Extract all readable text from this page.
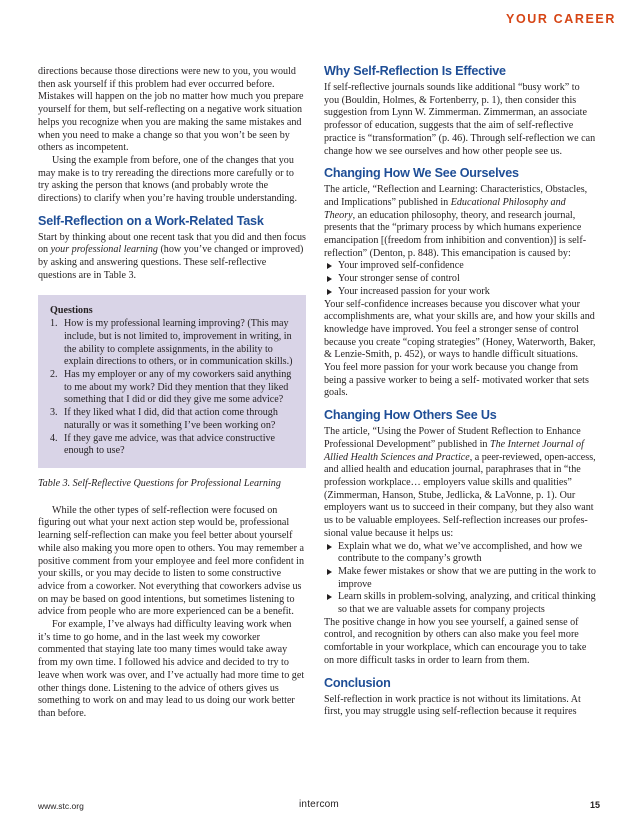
YOUR CAREER

directions because those directions were new to you, you would then ask yourself if this problem had ever occurred before. Mistakes will happen on the job no matter how much you prepare yourself for them, but self-reflecting on a negative work situation helps you recognize when you are making the same mistakes and when you need to make a change so that you won’t be seen by others as incompetent.

Using the example from before, one of the changes that you may make is to try rereading the directions more carefully or to try asking the person that knows (and probably wrote the directions) to clarify when you’re having trouble understanding.

Self-Reflection on a Work-Related Task

Start by thinking about one recent task that you did and then focus on your professional learning (how you’ve changed or improved) by asking and answering questions. These self-reflective questions are in Table 3.

Questions
1. How is my professional learning improving? (This may include, but is not limited to, improvement in writing, in the ability to complete assignments, in the ability to explain directions to others, or in communication skills.)
2. Has my employer or any of my coworkers said anything to me about my work? Did they mention that they liked something that I did or did they give me some advice?
3. If they liked what I did, did that action come through naturally or was it something I’ve been working on?
4. If they gave me advice, was that advice constructive enough to use?

Table 3. Self-Reflective Questions for Professional Learning

While the other types of self-reflection were focused on figuring out what your next action step would be, professional learning self-reflection can make you feel better about yourself while also making you more open to others. You may remember a positive comment from your employee and feel more confident in your skills, or you may decide to listen to some constructive advice from a coworker. Not everything that coworkers advise us on may be based on good intentions, but sometimes listening to advice from people who are more experienced can be a benefit.

For example, I’ve always had difficulty leaving work when it’s time to go home, and in the last week my coworker commented that staying late too many times would take away from my own time. I followed his advice and decided to try to leave when work was over, and I’ve actually had more time to get other things done. Listening to the advice of others gives us something to work on and may lead to us doing our work better than before.

Why Self-Reflection Is Effective

If self-reflective journals sounds like additional “busy work” to you (Bouldin, Holmes, & Fortenberry, p. 1), then consider this suggestion from Lynn W. Zimmerman. Zimmerman, an associate professor of education, suggests that the aim of self-reflective practice is “transformation” (p. 46). Through self-reflection we can change how we see ourselves and how other people see us.

Changing How We See Ourselves

The article, “Reflection and Learning: Characteristics, Obstacles, and Implications” published in Educational Philosophy and Theory, an education philosophy, theory, and research journal, presents that the “primary process by which humans experience emancipation [(freedom from inhibition and convention)] is self-reflection” (Denton, p. 848). This emancipation is caused by:

Your improved self-confidence
Your stronger sense of control
Your increased passion for your work

Your self-confidence increases because you discover what your accomplishments are, what your skills are, and how your skills and knowledge have improved. You feel a stronger sense of control because you create “coping strategies” (Honey, Waterworth, Baker, & Lenzie-Smith, p. 452), or ways to handle difficult situations. You feel more passion for your work because you change from being a passive worker to being a self- motivated worker that sets goals.

Changing How Others See Us

The article, “Using the Power of Student Reflection to Enhance Professional Development” published in The Internet Journal of Allied Health Sciences and Practice, a peer-reviewed, open-access, and allied health and education journal, paraphrases that in “the profession workplace… employers value skills and qualities” (Zimmerman, Hanson, Stube, Jedlicka, & LaVonne, p. 1). Our employers want us to succeed in their company, but they also want us to be valuable employees. Self-reflection increases our profes-sional value because it helps us:

Explain what we do, what we’ve accomplished, and how we contribute to the company’s growth
Make fewer mistakes or show that we are putting in the work to improve
Learn skills in problem-solving, analyzing, and critical thinking so that we are valuable assets for company projects

The positive change in how you see yourself, a gained sense of control, and recognition by others can also make you feel more comfortable in your workplace, which can encourage you to take on more difficult tasks in order to learn from them.

Conclusion

Self-reflection in work practice is not without its limitations. At first, you may struggle using self-reflection because it requires

www.stc.org	intercom	15
